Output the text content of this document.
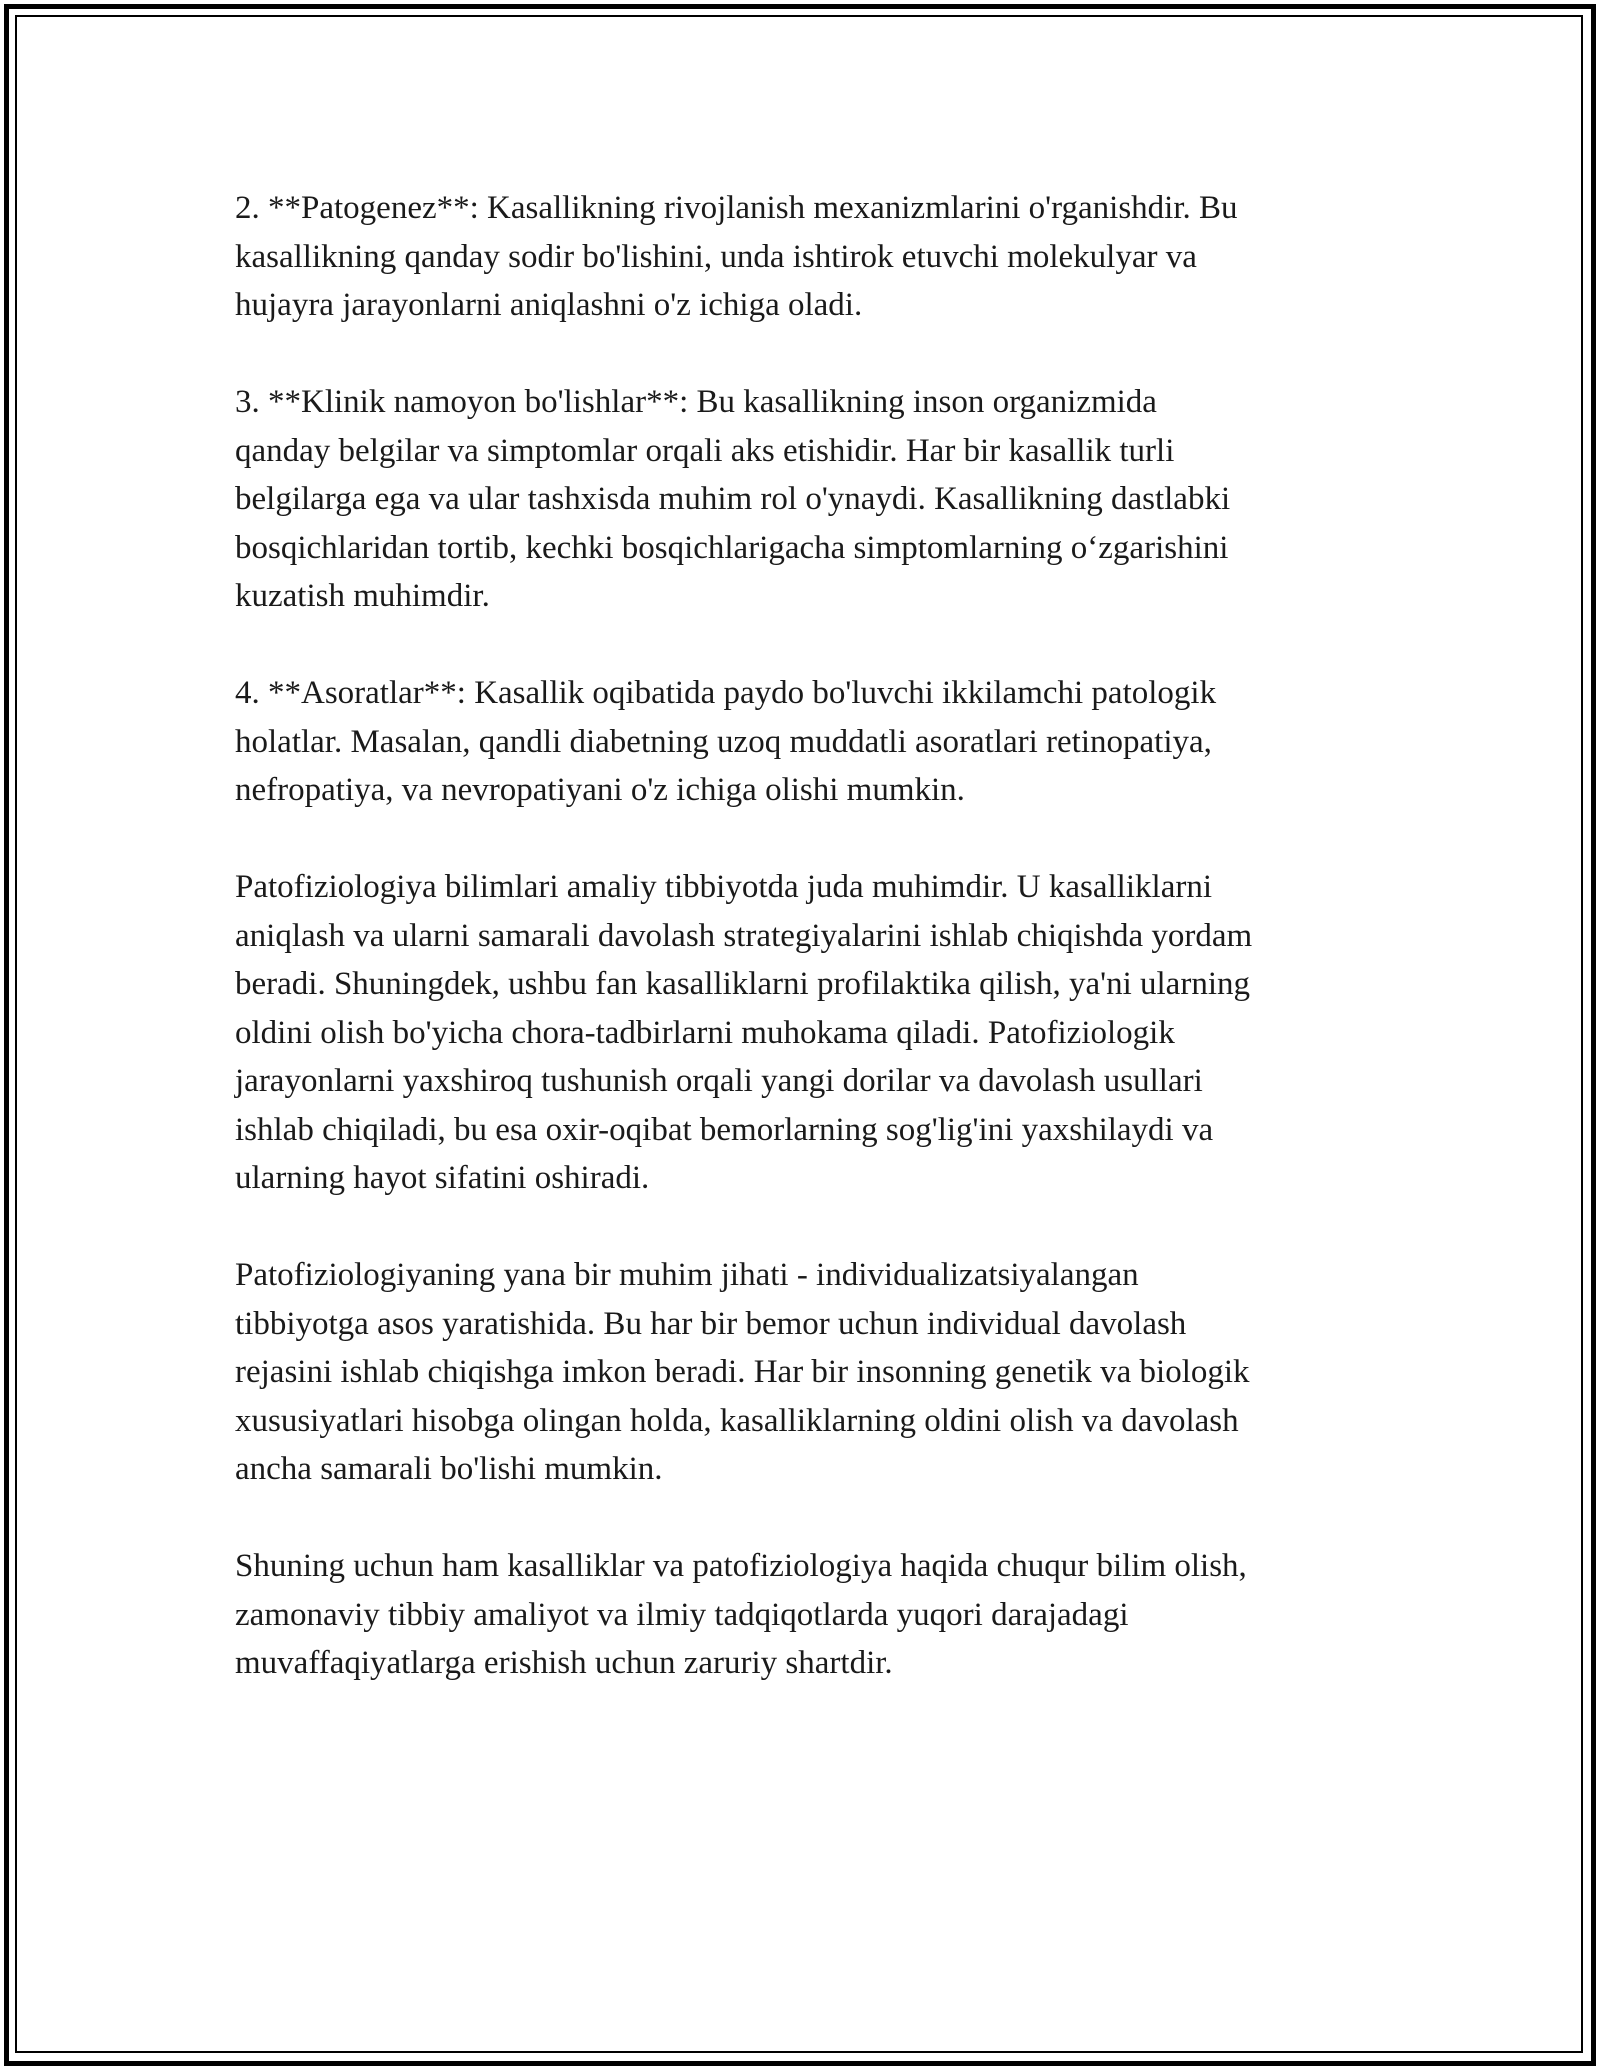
2. **Patogenez**: Kasallikning rivojlanish mexanizmlarini o'rganishdir. Bu
kasallikning qanday sodir bo'lishini, unda ishtirok etuvchi molekulyar va
hujayra jarayonlarni aniqlashni o'z ichiga oladi.

3. **Klinik namoyon bo'lishlar**: Bu kasallikning inson organizmida
qanday belgilar va simptomlar orqali aks etishidir. Har bir kasallik turli
belgilarga ega va ular tashxisda muhim rol o'ynaydi. Kasallikning dastlabki
bosqichlaridan tortib, kechki bosqichlarigacha simptomlarning o‘zgarishini
kuzatish muhimdir.

4. **Asoratlar**: Kasallik oqibatida paydo bo'luvchi ikkilamchi patologik
holatlar. Masalan, qandli diabetning uzoq muddatli asoratlari retinopatiya,
nefropatiya, va nevropatiyani o'z ichiga olishi mumkin.

Patofiziologiya bilimlari amaliy tibbiyotda juda muhimdir. U kasalliklarni
aniqlash va ularni samarali davolash strategiyalarini ishlab chiqishda yordam
beradi. Shuningdek, ushbu fan kasalliklarni profilaktika qilish, ya'ni ularning
oldini olish bo'yicha chora-tadbirlarni muhokama qiladi. Patofiziologik
jarayonlarni yaxshiroq tushunish orqali yangi dorilar va davolash usullari
ishlab chiqiladi, bu esa oxir-oqibat bemorlarning sog'lig'ini yaxshilaydi va
ularning hayot sifatini oshiradi.

Patofiziologiyaning yana bir muhim jihati - individualizatsiyalangan
tibbiyotga asos yaratishida. Bu har bir bemor uchun individual davolash
rejasini ishlab chiqishga imkon beradi. Har bir insonning genetik va biologik
xususiyatlari hisobga olingan holda, kasalliklarning oldini olish va davolash
ancha samarali bo'lishi mumkin.

Shuning uchun ham kasalliklar va patofiziologiya haqida chuqur bilim olish,
zamonaviy tibbiy amaliyot va ilmiy tadqiqotlarda yuqori darajadagi
muvaffaqiyatlarga erishish uchun zaruriy shartdir.
